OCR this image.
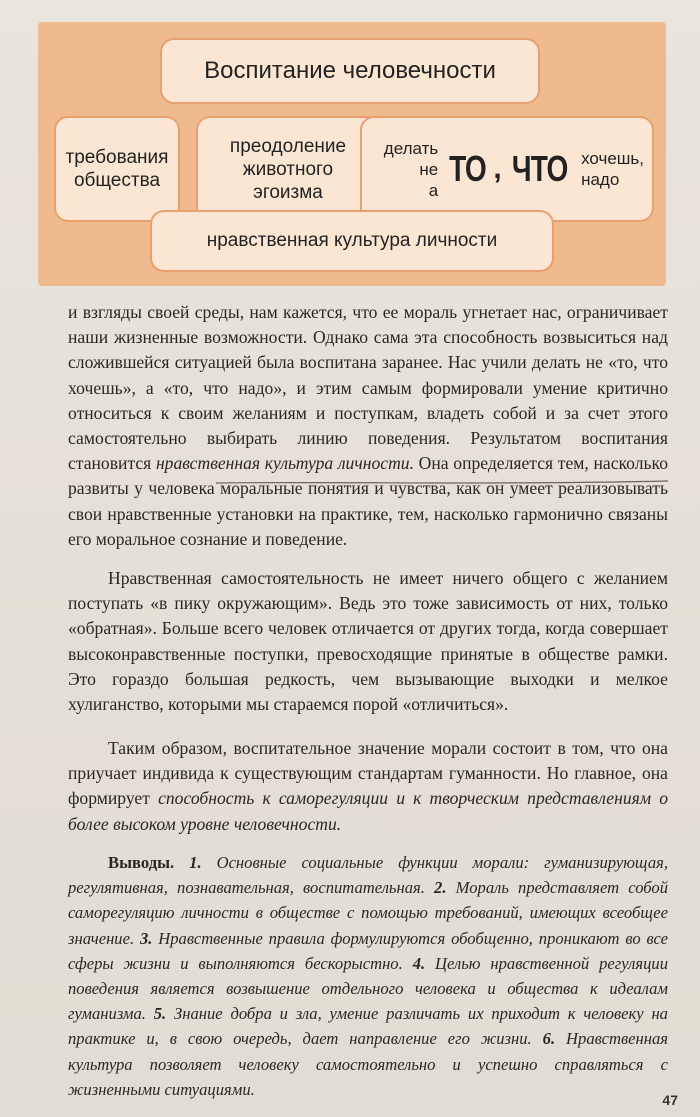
Воспитание человечности
требования
общества
преодоление
животного
эгоизма
делать не
а
ТО , ЧТО хочешь,
надо
нравственная культура личности

и взгляды своей среды, нам кажется, что ее мораль угнетает нас, ограничивает наши жизненные возможности. Однако сама эта способность возвыситься над сложившейся ситуацией была воспитана заранее. Нас учили делать не «то, что хочешь», а «то, что надо», и этим самым формировали умение критично относиться к своим желаниям и поступкам, владеть собой и за счет этого самостоятельно выбирать линию поведения. Результатом воспитания становится нравственная культура личности. Она определяется тем, насколько развиты у человека моральные понятия и чувства, как он умеет реализовывать свои нравственные установки на практике, тем, насколько гармонично связаны его моральное сознание и поведение.

Нравственная самостоятельность не имеет ничего общего с желанием поступать «в пику окружающим». Ведь это тоже зависимость от них, только «обратная». Больше всего человек отличается от других тогда, когда совершает высоконравственные поступки, превосходящие принятые в обществе рамки. Это гораздо большая редкость, чем вызывающие выходки и мелкое хулиганство, которыми мы стараемся порой «отличиться».

Таким образом, воспитательное значение морали состоит в том, что она приучает индивида к существующим стандартам гуманности. Но главное, она формирует способность к саморегуляции и к творческим представлениям о более высоком уровне человечности.

Выводы. 1. Основные социальные функции морали: гуманизирующая, регулятивная, познавательная, воспитательная. 2. Мораль представляет собой саморегуляцию личности в обществе с помощью требований, имеющих всеобщее значение. 3. Нравственные правила формулируются обобщенно, проникают во все сферы жизни и выполняются бескорыстно. 4. Целью нравственной регуляции поведения является возвышение отдельного человека и общества к идеалам гуманизма. 5. Знание добра и зла, умение различать их приходит к человеку на практике и, в свою очередь, дает направление его жизни. 6. Нравственная культура позволяет человеку самостоятельно и успешно справляться с жизненными ситуациями.

47
